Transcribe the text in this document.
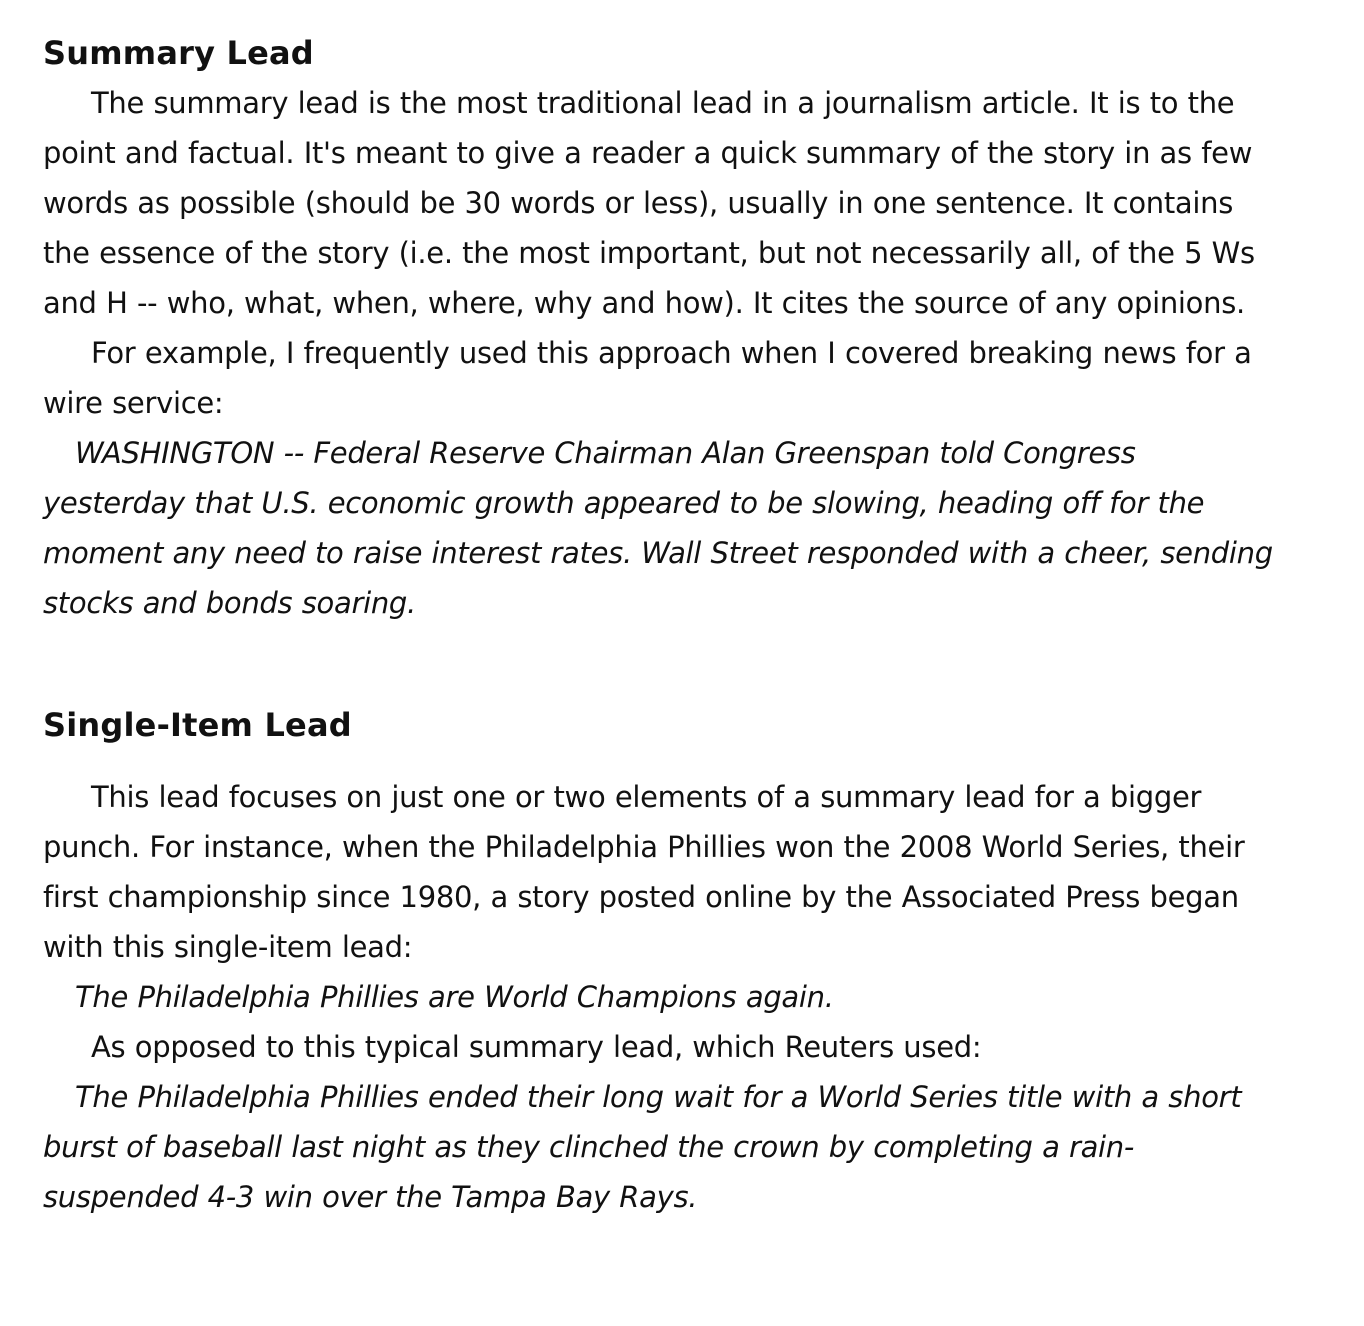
Summary Lead

The summary lead is the most traditional lead in a journalism article. It is to the point and factual. It's meant to give a reader a quick summary of the story in as few words as possible (should be 30 words or less), usually in one sentence. It contains the essence of the story (i.e. the most important, but not necessarily all, of the 5 Ws and H -- who, what, when, where, why and how). It cites the source of any opinions.

For example, I frequently used this approach when I covered breaking news for a wire service:

WASHINGTON -- Federal Reserve Chairman Alan Greenspan told Congress yesterday that U.S. economic growth appeared to be slowing, heading off for the moment any need to raise interest rates. Wall Street responded with a cheer, sending stocks and bonds soaring.

Single-Item Lead

This lead focuses on just one or two elements of a summary lead for a bigger punch. For instance, when the Philadelphia Phillies won the 2008 World Series, their first championship since 1980, a story posted online by the Associated Press began with this single-item lead:

The Philadelphia Phillies are World Champions again.

As opposed to this typical summary lead, which Reuters used:

The Philadelphia Phillies ended their long wait for a World Series title with a short burst of baseball last night as they clinched the crown by completing a rain-suspended 4-3 win over the Tampa Bay Rays.
